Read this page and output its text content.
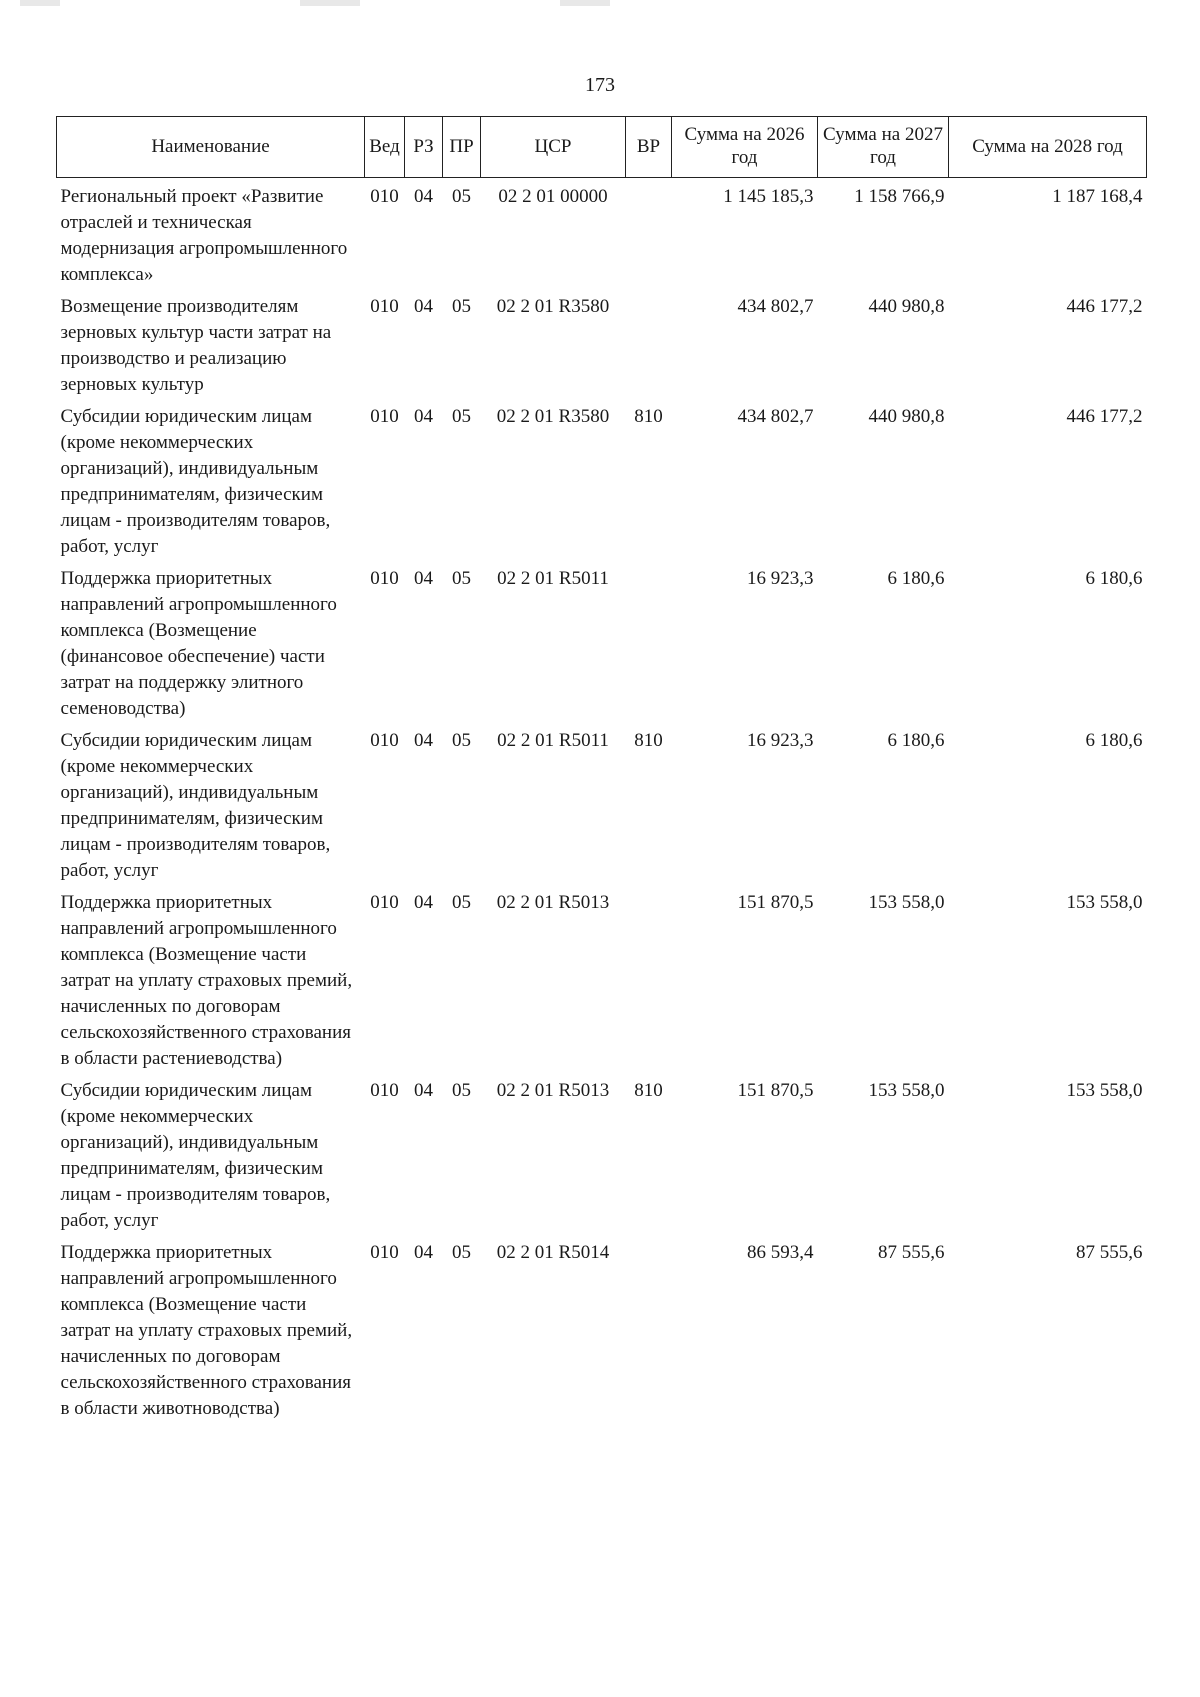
173
Наименование	Вед	РЗ	ПР	ЦСР	ВР	Сумма на 2026 год	Сумма на 2027 год	Сумма на 2028 год
Региональный проект «Развитие отраслей и техническая модернизация агропромышленного комплекса»	010	04	05	02 2 01 00000		1 145 185,3	1 158 766,9	1 187 168,4
Возмещение производителям зерновых культур части затрат на производство и реализацию зерновых культур	010	04	05	02 2 01 R3580		434 802,7	440 980,8	446 177,2
Субсидии юридическим лицам (кроме некоммерческих организаций), индивидуальным предпринимателям, физическим лицам - производителям товаров, работ, услуг	010	04	05	02 2 01 R3580	810	434 802,7	440 980,8	446 177,2
Поддержка приоритетных направлений агропромышленного комплекса (Возмещение (финансовое обеспечение) части затрат на поддержку элитного семеноводства)	010	04	05	02 2 01 R5011		16 923,3	6 180,6	6 180,6
Субсидии юридическим лицам (кроме некоммерческих организаций), индивидуальным предпринимателям, физическим лицам - производителям товаров, работ, услуг	010	04	05	02 2 01 R5011	810	16 923,3	6 180,6	6 180,6
Поддержка приоритетных направлений агропромышленного комплекса (Возмещение части затрат на уплату страховых премий, начисленных по договорам сельскохозяйственного страхования в области растениеводства)	010	04	05	02 2 01 R5013		151 870,5	153 558,0	153 558,0
Субсидии юридическим лицам (кроме некоммерческих организаций), индивидуальным предпринимателям, физическим лицам - производителям товаров, работ, услуг	010	04	05	02 2 01 R5013	810	151 870,5	153 558,0	153 558,0
Поддержка приоритетных направлений агропромышленного комплекса (Возмещение части затрат на уплату страховых премий, начисленных по договорам сельскохозяйственного страхования в области животноводства)	010	04	05	02 2 01 R5014		86 593,4	87 555,6	87 555,6
